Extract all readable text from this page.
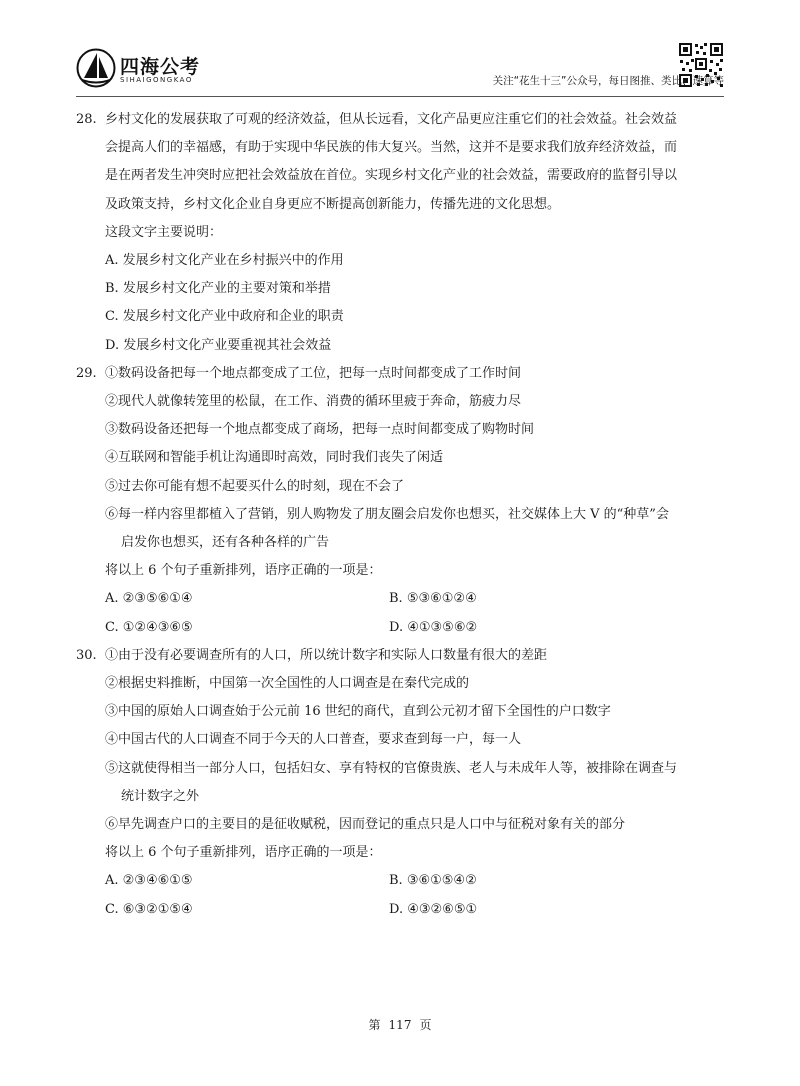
四海公考
SIHAIGONGKAO	关注“花生十三”公众号，每日图推、类比、速算等
28. 乡村文化的发展获取了可观的经济效益，但从长远看，文化产品更应注重它们的社会效益。社会效益
会提高人们的幸福感，有助于实现中华民族的伟大复兴。当然，这并不是要求我们放弃经济效益，而
是在两者发生冲突时应把社会效益放在首位。实现乡村文化产业的社会效益，需要政府的监督引导以
及政策支持，乡村文化企业自身更应不断提高创新能力，传播先进的文化思想。
这段文字主要说明：
A. 发展乡村文化产业在乡村振兴中的作用
B. 发展乡村文化产业的主要对策和举措
C. 发展乡村文化产业中政府和企业的职责
D. 发展乡村文化产业要重视其社会效益
29. ①数码设备把每一个地点都变成了工位，把每一点时间都变成了工作时间
②现代人就像转笼里的松鼠，在工作、消费的循环里疲于奔命，筋疲力尽
③数码设备还把每一个地点都变成了商场，把每一点时间都变成了购物时间
④互联网和智能手机让沟通即时高效，同时我们丧失了闲适
⑤过去你可能有想不起要买什么的时刻，现在不会了
⑥每一样内容里都植入了营销，别人购物发了朋友圈会启发你也想买，社交媒体上大 V 的“种草”会
启发你也想买，还有各种各样的广告
将以上 6 个句子重新排列，语序正确的一项是：
A. ②③⑤⑥①④	B. ⑤③⑥①②④
C. ①②④③⑥⑤	D. ④①③⑤⑥②
30. ①由于没有必要调查所有的人口，所以统计数字和实际人口数量有很大的差距
②根据史料推断，中国第一次全国性的人口调查是在秦代完成的
③中国的原始人口调查始于公元前 16 世纪的商代，直到公元初才留下全国性的户口数字
④中国古代的人口调查不同于今天的人口普查，要求查到每一户，每一人
⑤这就使得相当一部分人口，包括妇女、享有特权的官僚贵族、老人与未成年人等，被排除在调查与
统计数字之外
⑥早先调查户口的主要目的是征收赋税，因而登记的重点只是人口中与征税对象有关的部分
将以上 6 个句子重新排列，语序正确的一项是：
A. ②③④⑥①⑤	B. ③⑥①⑤④②
C. ⑥③②①⑤④	D. ④③②⑥⑤①
第 117 页
